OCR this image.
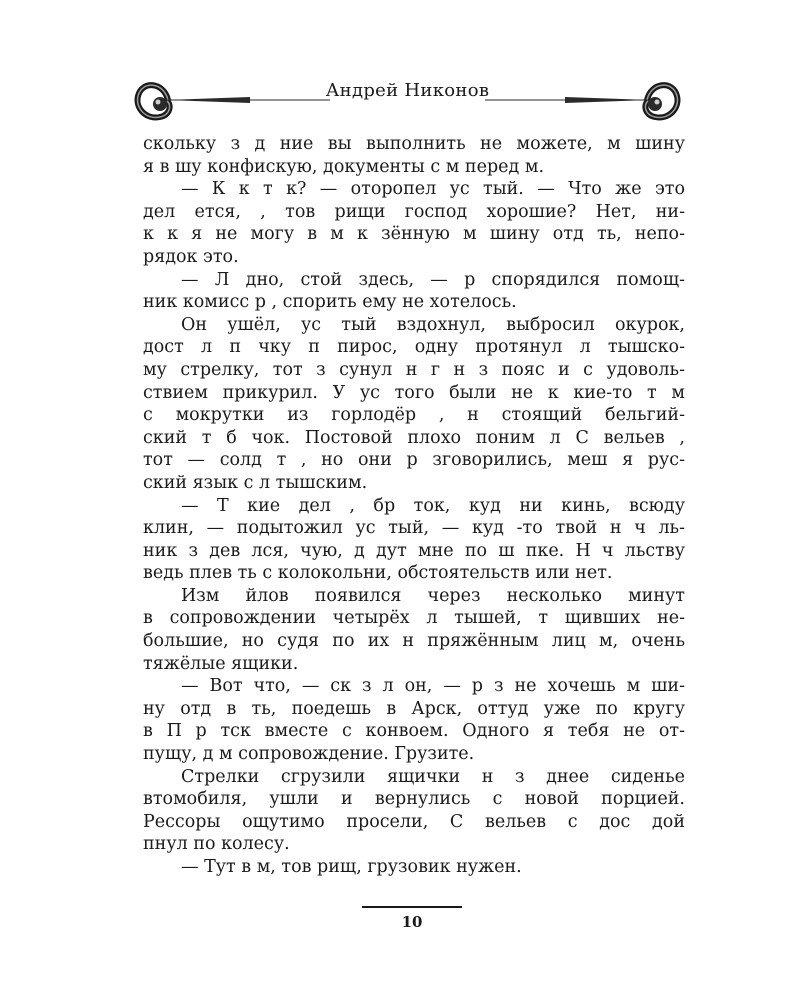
Андрей Никонов
скольку з д ние вы выполнить не можете, м шину
я в шу конфискую, документы с м перед м.
— К к т к? — оторопел ус тый. — Что же это
дел ется, , тов рищи господ хорошие? Нет, ни-
к к я не могу в м к зённую м шину отд ть, непо-
рядок это.
— Л дно, стой здесь, — р спорядился помощ-
ник комисс р , спорить ему не хотелось.
Он ушёл, ус тый вздохнул, выбросил окурок,
дост л п чку п пирос, одну протянул л тышско-
му стрелку, тот з сунул н г н з пояс и с удоволь-
ствием прикурил. У ус того были не к кие-то т м
с мокрутки из горлодёр , н стоящий бельгий-
ский т б чок. Постовой плохо поним л С вельев ,
тот — солд т , но они р зговорились, меш я рус-
ский язык с л тышским.
— Т кие дел , бр ток, куд ни кинь, всюду
клин, — подытожил ус тый, — куд -то твой н ч ль-
ник з дев лся, чую, д дут мне по ш пке. Н ч льству
ведь плев ть с колокольни, обстоятельств или нет.
Изм йлов появился через несколько минут
в сопровождении четырёх л тышей, т щивших не-
большие, но судя по их н пряжённым лиц м, очень
тяжёлые ящики.
— Вот что, — ск з л он, — р з не хочешь м ши-
ну отд в ть, поедешь в Арск, оттуд уже по кругу
в П р тск вместе с конвоем. Одного я тебя не от-
пущу, д м сопровождение. Грузите.
Стрелки сгрузили ящички н з днее сиденье
втомобиля, ушли и вернулись с новой порцией.
Рессоры ощутимо просели, С вельев с дос дой
пнул по колесу.
— Тут в м, тов рищ, грузовик нужен.
10
